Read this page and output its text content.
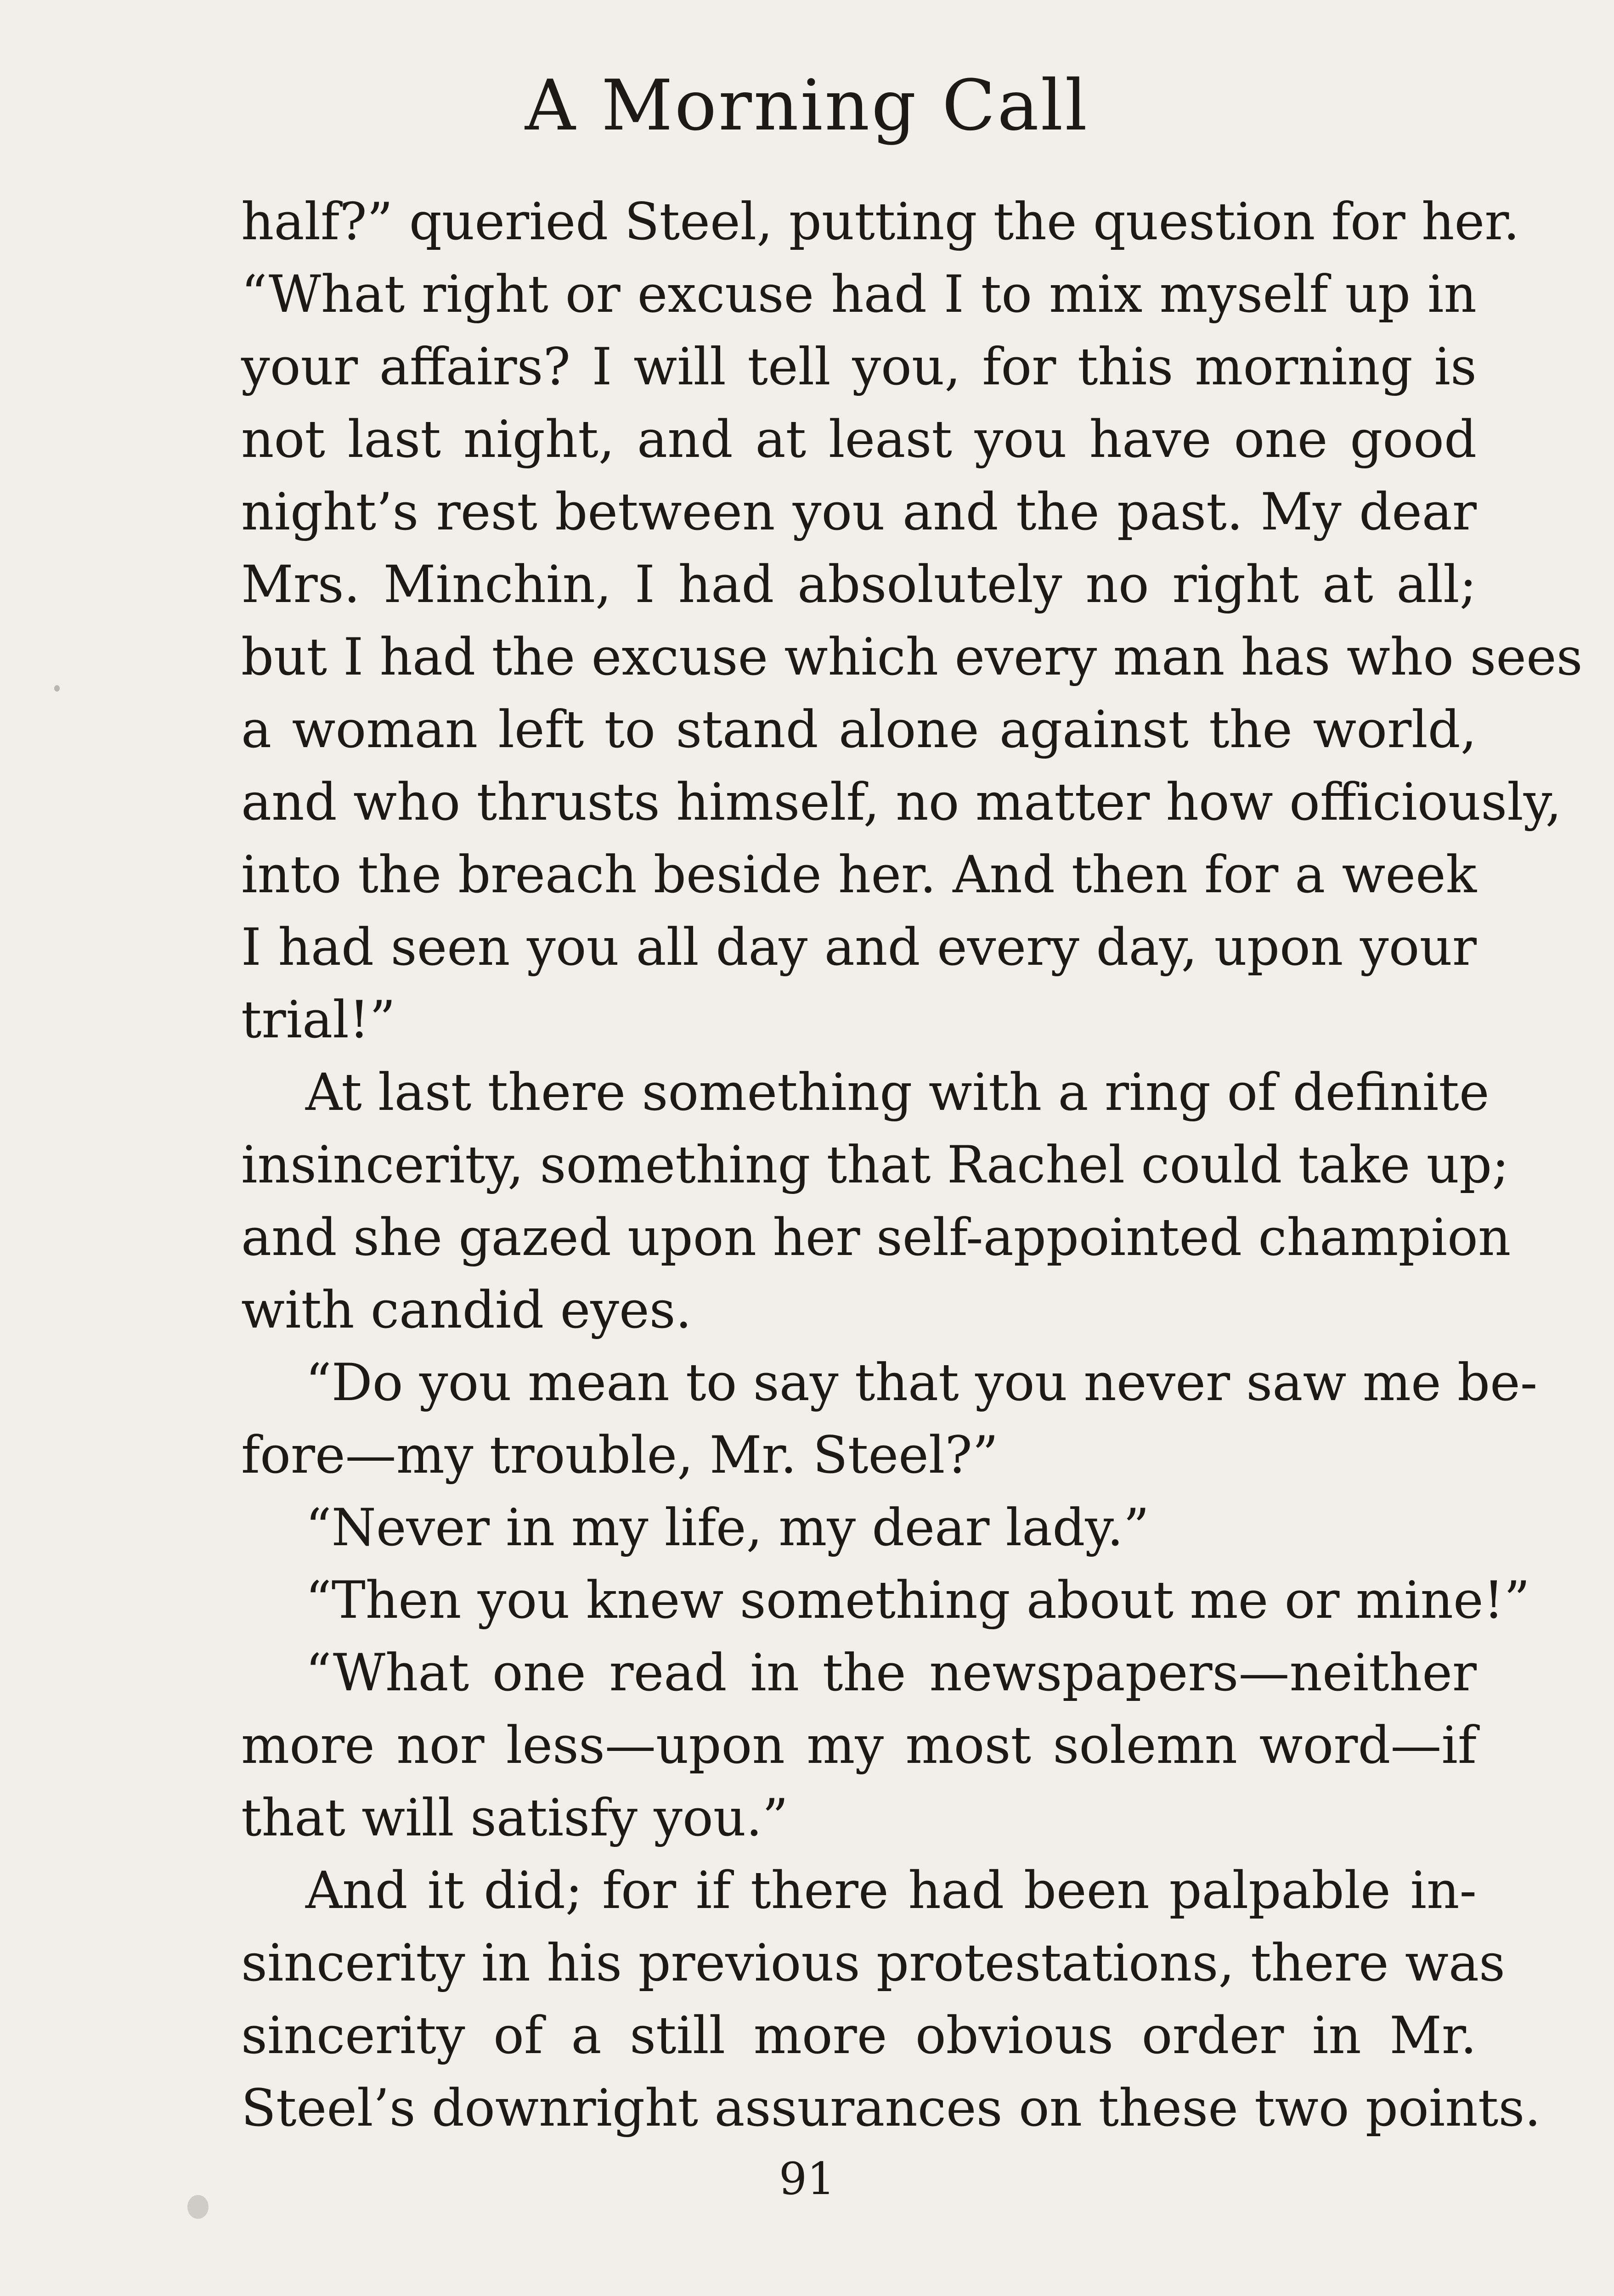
A Morning Call
half?” queried Steel, putting the question for her.
“What right or excuse had I to mix myself up in
your affairs? I will tell you, for this morning is
not last night, and at least you have one good
night’s rest between you and the past. My dear
Mrs. Minchin, I had absolutely no right at all;
but I had the excuse which every man has who sees
a woman left to stand alone against the world,
and who thrusts himself, no matter how officiously,
into the breach beside her. And then for a week
I had seen you all day and every day, upon your
trial!”
At last there something with a ring of definite
insincerity, something that Rachel could take up;
and she gazed upon her self-appointed champion
with candid eyes.
“Do you mean to say that you never saw me be-
fore—my trouble, Mr. Steel?”
“Never in my life, my dear lady.”
“Then you knew something about me or mine!”
“What one read in the newspapers—neither
more nor less—upon my most solemn word—if
that will satisfy you.”
And it did; for if there had been palpable in-
sincerity in his previous protestations, there was
sincerity of a still more obvious order in Mr.
Steel’s downright assurances on these two points.
91
